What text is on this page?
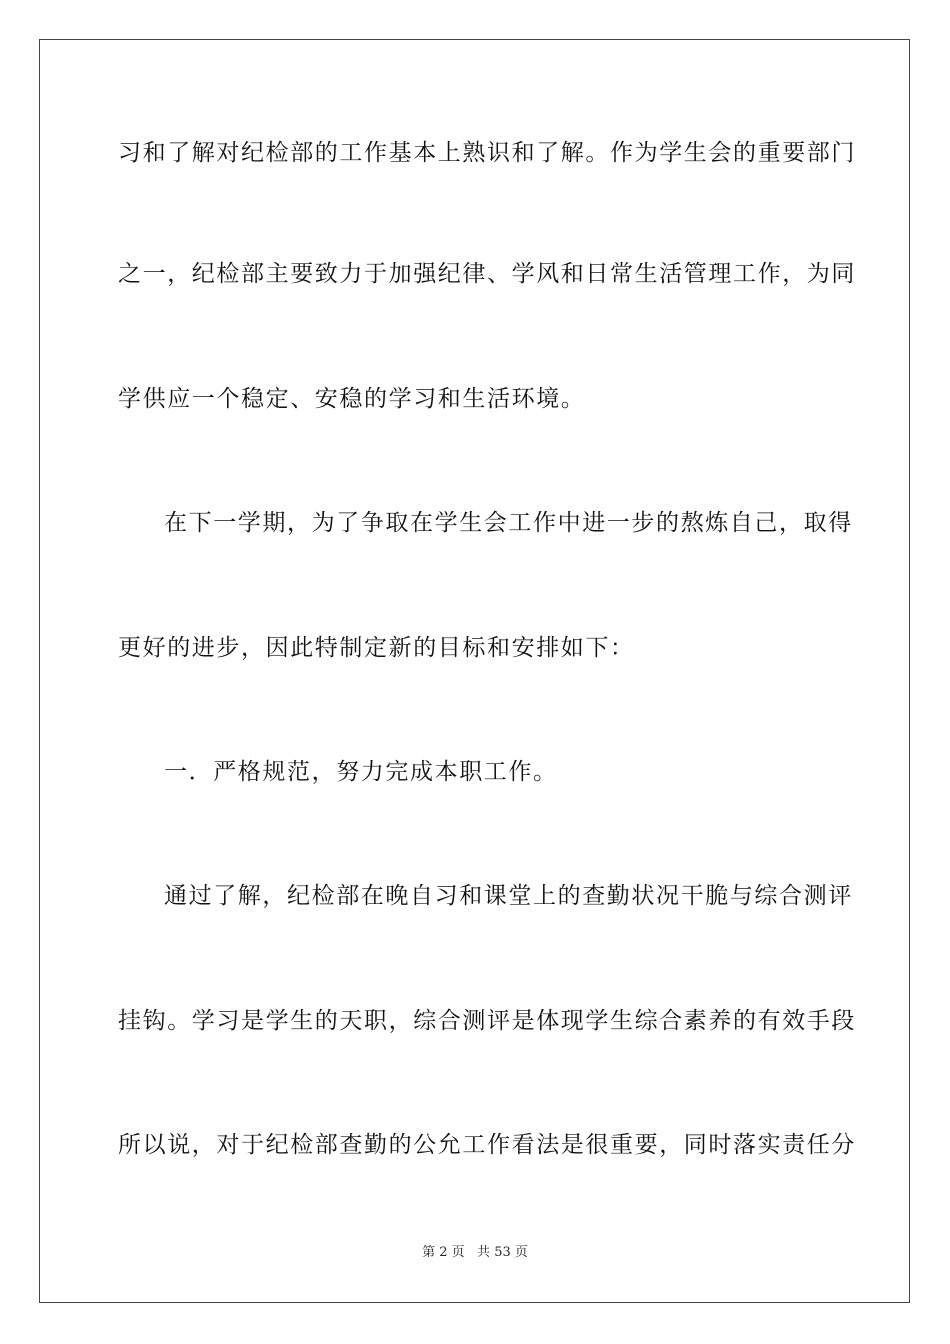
习和了解对纪检部的工作基本上熟识和了解。作为学生会的重要部门
之一，纪检部主要致力于加强纪律、学风和日常生活管理工作，为同
学供应一个稳定、安稳的学习和生活环境。
在下一学期，为了争取在学生会工作中进一步的熬炼自己，取得
更好的进步，因此特制定新的目标和安排如下：
一．严格规范，努力完成本职工作。
通过了解，纪检部在晚自习和课堂上的查勤状况干脆与综合测评
挂钩。学习是学生的天职，综合测评是体现学生综合素养的有效手段
所以说，对于纪检部查勤的公允工作看法是很重要，同时落实责任分
第 2 页   共 53 页
